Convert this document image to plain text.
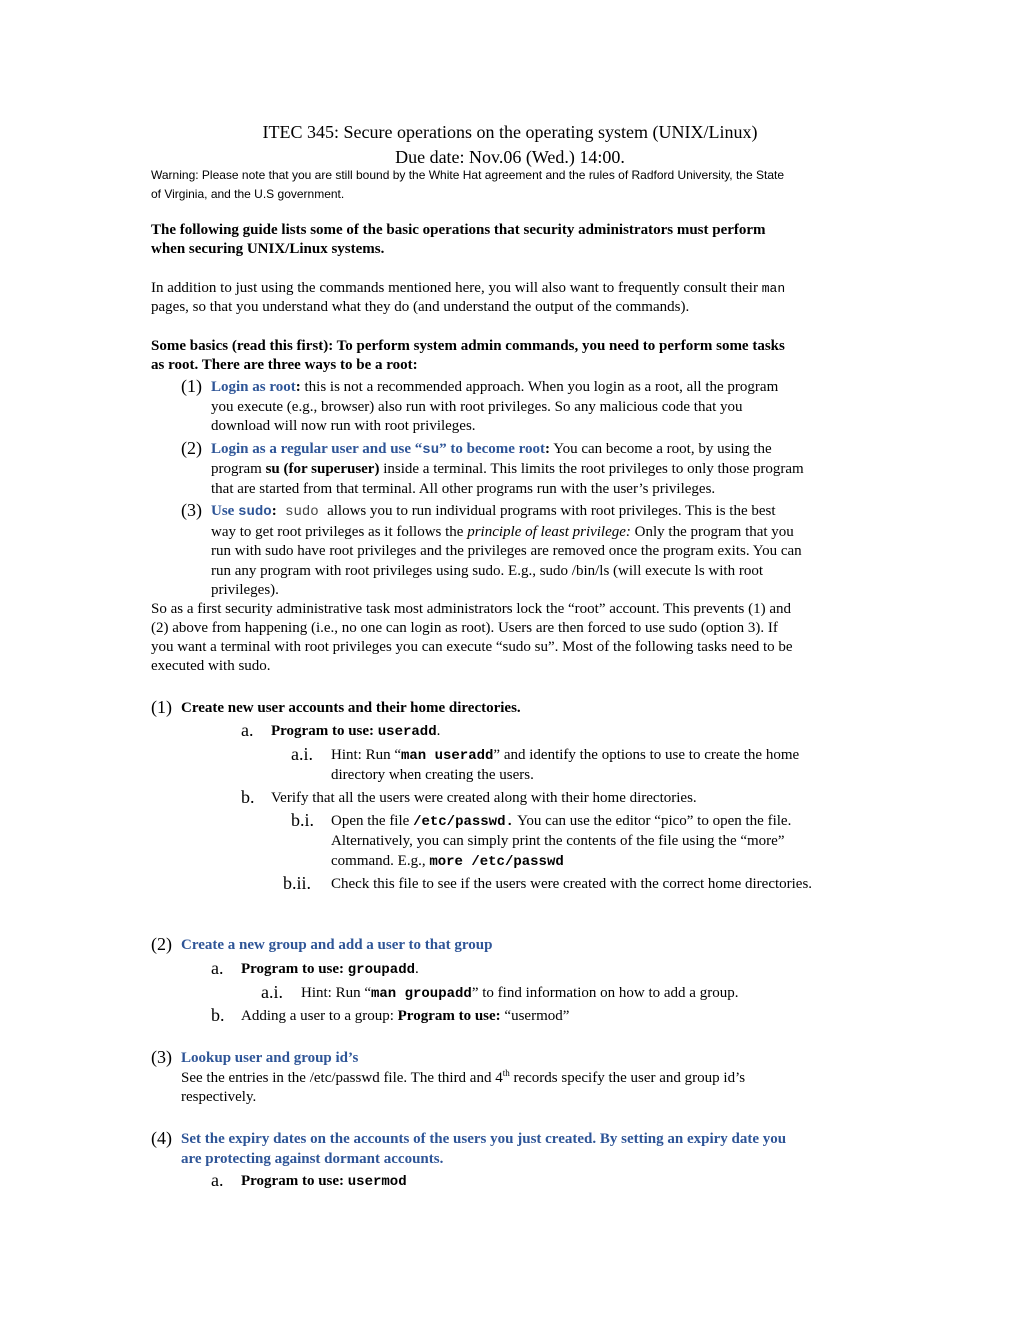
ITEC 345: Secure operations on the operating system (UNIX/Linux)
Due date: Nov.06 (Wed.) 14:00.
Warning: Please note that you are still bound by the White Hat agreement and the rules of Radford University, the State
of Virginia, and the U.S government.
The following guide lists some of the basic operations that security administrators must perform
when securing UNIX/Linux systems.
In addition to just using the commands mentioned here, you will also want to frequently consult their man
pages, so that you understand what they do (and understand the output of the commands).
Some basics (read this first): To perform system admin commands, you need to perform some tasks
as root. There are three ways to be a root:
(1) Login as root: this is not a recommended approach. When you login as a root, all the program
you execute (e.g., browser) also run with root privileges. So any malicious code that you
download will now run with root privileges.
(2) Login as a regular user and use “su” to become root: You can become a root, by using the
program su (for superuser) inside a terminal. This limits the root privileges to only those program
that are started from that terminal. All other programs run with the user’s privileges.
(3) Use sudo: sudo allows you to run individual programs with root privileges. This is the best
way to get root privileges as it follows the principle of least privilege: Only the program that you
run with sudo have root privileges and the privileges are removed once the program exits. You can
run any program with root privileges using sudo. E.g., sudo /bin/ls (will execute ls with root
privileges).
So as a first security administrative task most administrators lock the “root” account. This prevents (1) and
(2) above from happening (i.e., no one can login as root). Users are then forced to use sudo (option 3). If
you want a terminal with root privileges you can execute “sudo su”. Most of the following tasks need to be
executed with sudo.
(1) Create new user accounts and their home directories.
a. Program to use: useradd.
a.i. Hint: Run “man useradd” and identify the options to use to create the home
directory when creating the users.
b. Verify that all the users were created along with their home directories.
b.i. Open the file /etc/passwd. You can use the editor “pico” to open the file.
Alternatively, you can simply print the contents of the file using the “more”
command. E.g., more /etc/passwd
b.ii. Check this file to see if the users were created with the correct home directories.
(2) Create a new group and add a user to that group
a. Program to use: groupadd.
a.i. Hint: Run “man groupadd” to find information on how to add a group.
b. Adding a user to a group: Program to use: “usermod”
(3) Lookup user and group id’s
See the entries in the /etc/passwd file. The third and 4th records specify the user and group id’s
respectively.
(4) Set the expiry dates on the accounts of the users you just created. By setting an expiry date you
are protecting against dormant accounts.
a. Program to use: usermod
